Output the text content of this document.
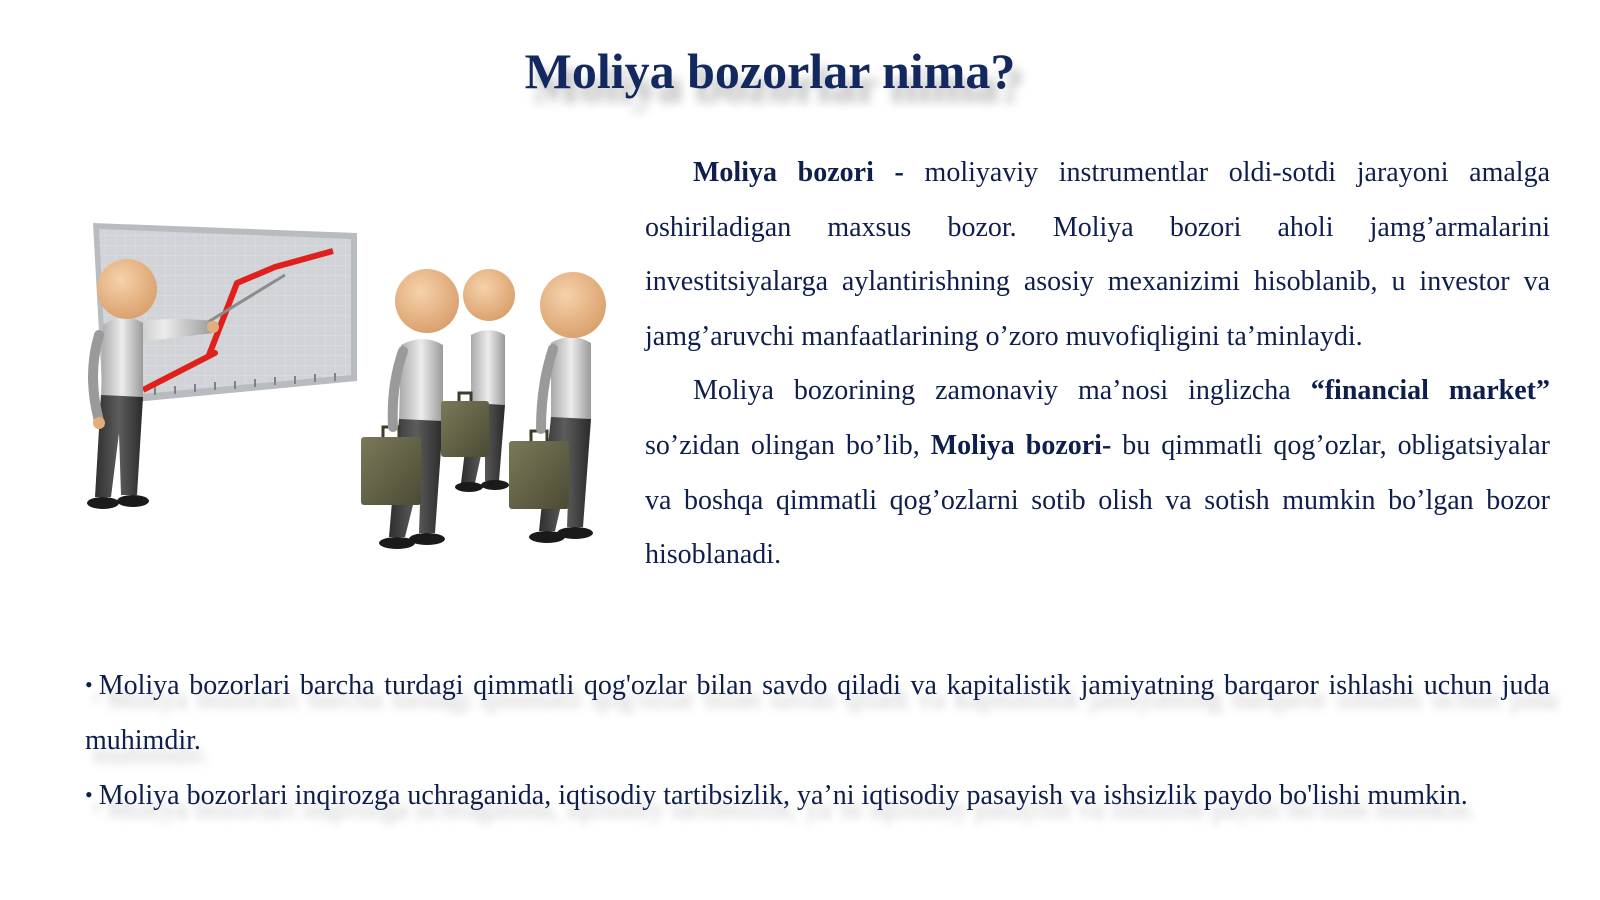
Moliya bozorlar nima?

Moliya bozori - moliyaviy instrumentlar oldi-sotdi jarayoni amalga oshiriladigan maxsus bozor. Moliya bozori aholi jamg’armalarini investitsiyalarga aylantirishning asosiy mexanizimi hisoblanib, u investor va jamg’aruvchi manfaatlarining o’zoro muvofiqligini ta’minlaydi.

Moliya bozorining zamonaviy ma’nosi inglizcha “financial market” so’zidan olingan bo’lib, Moliya bozori- bu qimmatli qog’ozlar, obligatsiyalar va boshqa qimmatli qog’ozlarni sotib olish va sotish mumkin bo’lgan bozor hisoblanadi.

• Moliya bozorlari barcha turdagi qimmatli qog'ozlar bilan savdo qiladi va kapitalistik jamiyatning barqaror ishlashi uchun juda muhimdir.

• Moliya bozorlari inqirozga uchraganida, iqtisodiy tartibsizlik, ya’ni iqtisodiy pasayish va ishsizlik paydo bo'lishi mumkin.
